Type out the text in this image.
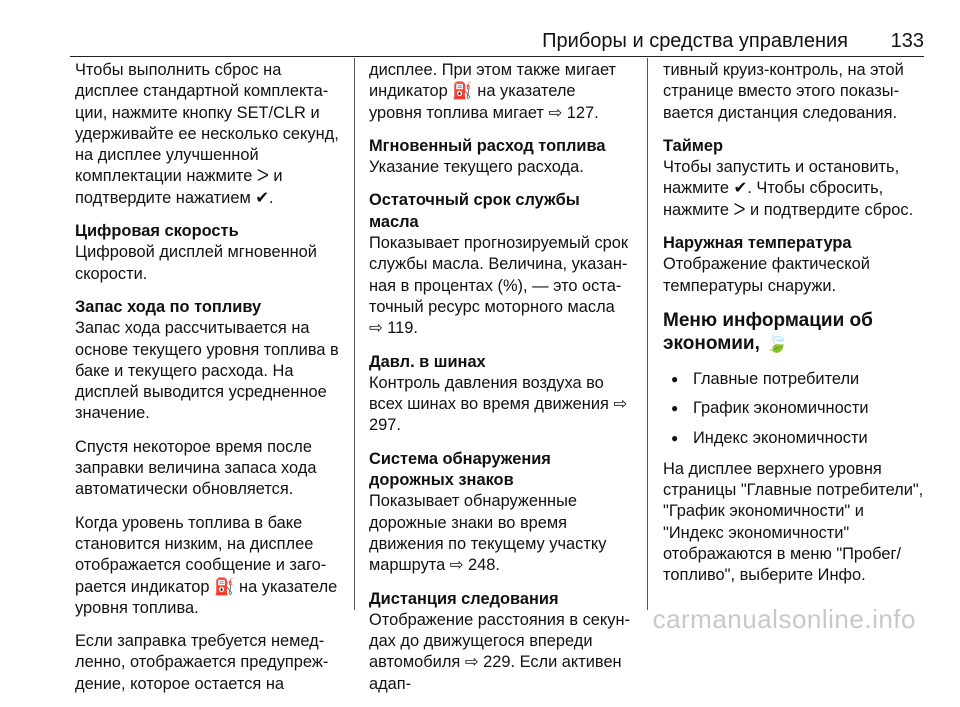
Приборы и средства управления 133

Чтобы выполнить сброс на дисплее стандартной комплектации, нажмите кнопку SET/CLR и удерживайте ее несколько секунд, на дисплее улучшенной комплектации нажмите ᐳ и подтвердите нажатием ✔.

Цифровая скорость
Цифровой дисплей мгновенной скорости.

Запас хода по топливу
Запас хода рассчитывается на основе текущего уровня топлива в баке и текущего расхода. На дисплей выводится усредненное значение.

Спустя некоторое время после заправки величина запаса хода автоматически обновляется.

Когда уровень топлива в баке становится низким, на дисплее отображается сообщение и загорается индикатор ⛽ на указателе уровня топлива.

Если заправка требуется немедленно, отображается предупреждение, которое остается на

дисплее. При этом также мигает индикатор ⛽ на указателе уровня топлива мигает ⇨ 127.

Мгновенный расход топлива
Указание текущего расхода.

Остаточный срок службы масла
Показывает прогнозируемый срок службы масла. Величина, указанная в процентах (%), — это остаточный ресурс моторного масла ⇨ 119.

Давл. в шинах
Контроль давления воздуха во всех шинах во время движения ⇨ 297.

Система обнаружения дорожных знаков
Показывает обнаруженные дорожные знаки во время движения по текущему участку маршрута ⇨ 248.

Дистанция следования
Отображение расстояния в секундах до движущегося впереди автомобиля ⇨ 229. Если активен адап-

тивный круиз-контроль, на этой странице вместо этого показывается дистанция следования.

Таймер
Чтобы запустить и остановить, нажмите ✔. Чтобы сбросить, нажмите ᐳ и подтвердите сброс.

Наружная температура
Отображение фактической температуры снаружи.

Меню информации об экономии, 🍃
● Главные потребители
● График экономичности
● Индекс экономичности

На дисплее верхнего уровня страницы "Главные потребители", "График экономичности" и "Индекс экономичности" отображаются в меню "Пробег/топливо", выберите Инфо.

carmanualsonline.info
